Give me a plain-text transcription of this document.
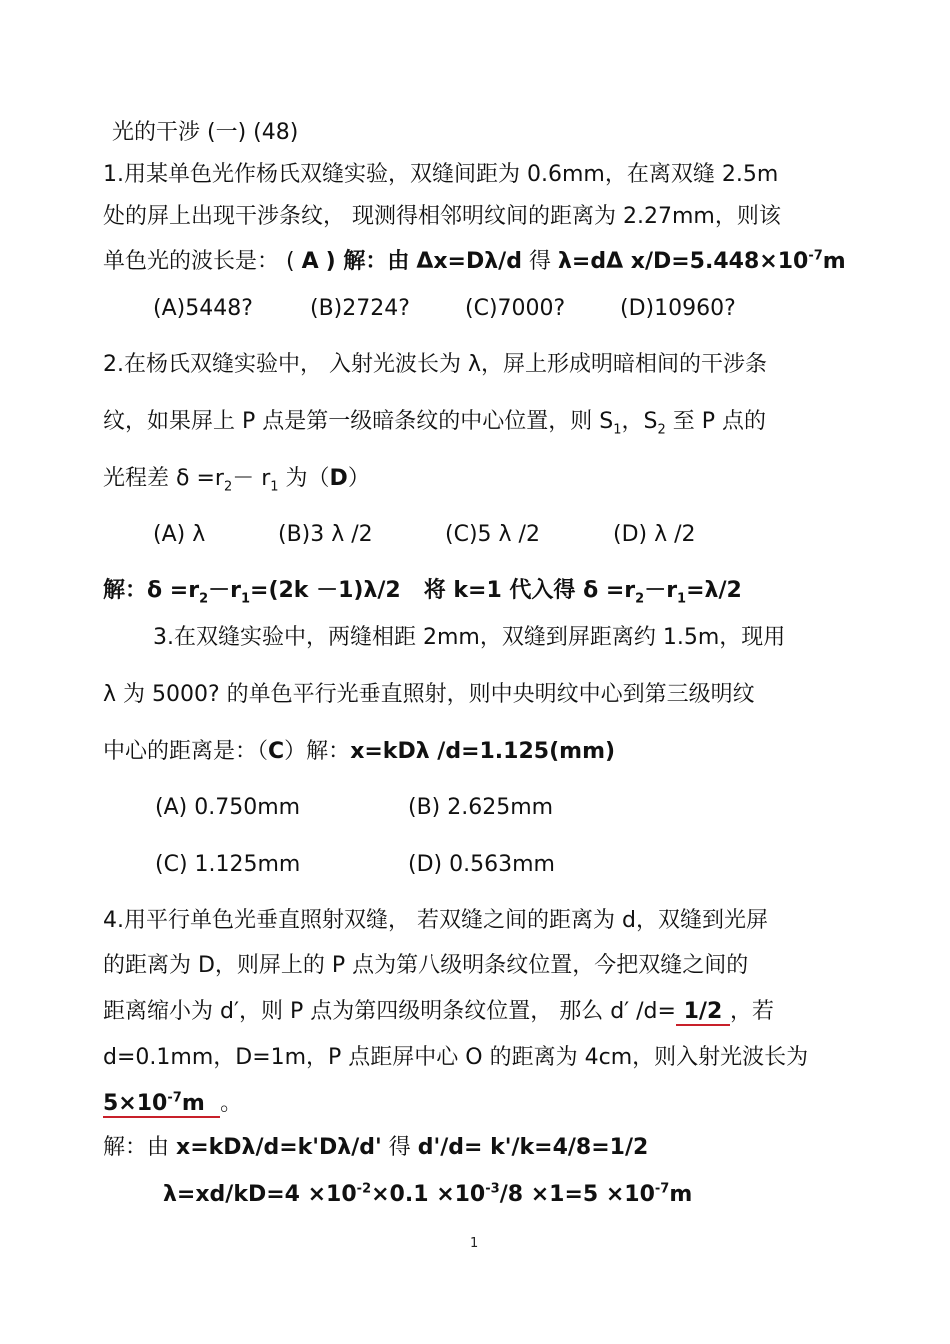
光的干涉 (一) (48)
1.用某单色光作杨氏双缝实验，双缝间距为 0.6mm，在离双缝 2.5m
处的屏上出现干涉条纹， 现测得相邻明纹间的距离为 2.27mm，则该
单色光的波长是： ( A ) 解：由 Δx=Dλ/d 得 λ=dΔ $x/D=5.448\times 10^{-7}m$
(A)5448?	(B)2724?	(C)7000? (D)10960?
2.在杨氏双缝实验中， 入射光波长为 λ，屏上形成明暗相间的干涉条
纹，如果屏上 P 点是第一级暗条纹的中心位置，则 $S_1$，$S_2$ 至 P 点的
光程差 $\delta =r_2- r_1$ 为（D）
(A) λ	(B)3 λ /2	(C)5 λ /2	(D) λ /2
解：$\delta =r_2-r_1=(2k -1)\lambda/2$ 将 k=1 代入得 $\delta =r_2-r_1=\lambda/2$
3.在双缝实验中，两缝相距 2mm，双缝到屏距离约 1.5m，现用
λ 为 5000? 的单色平行光垂直照射，则中央明纹中心到第三级明纹
中心的距离是：（C）解：x=kDλ /d=1.125(mm)
(A) 0.750mm	(B) 2.625mm
(C) 1.125mm	(D) 0.563mm
4.用平行单色光垂直照射双缝， 若双缝之间的距离为 d，双缝到光屏
的距离为 D，则屏上的 P 点为第八级明条纹位置，今把双缝之间的
距离缩小为 d′，则 P 点为第四级明条纹位置， 那么 d′ /d= 1/2 ，若
d=0.1mm，D=1m，P 点距屏中心 O 的距离为 4cm，则入射光波长为
$5\times 10^{-7}m$ 。
解：由 x=kDλ/d=k'Dλ/d' 得 d'/d= k'/k=4/8=1/2
$\lambda=xd/kD=4 \times 10^{-2}\times 0.1 \times 10^{-3}/8 \times 1=5 \times 10^{-7}m$
1
